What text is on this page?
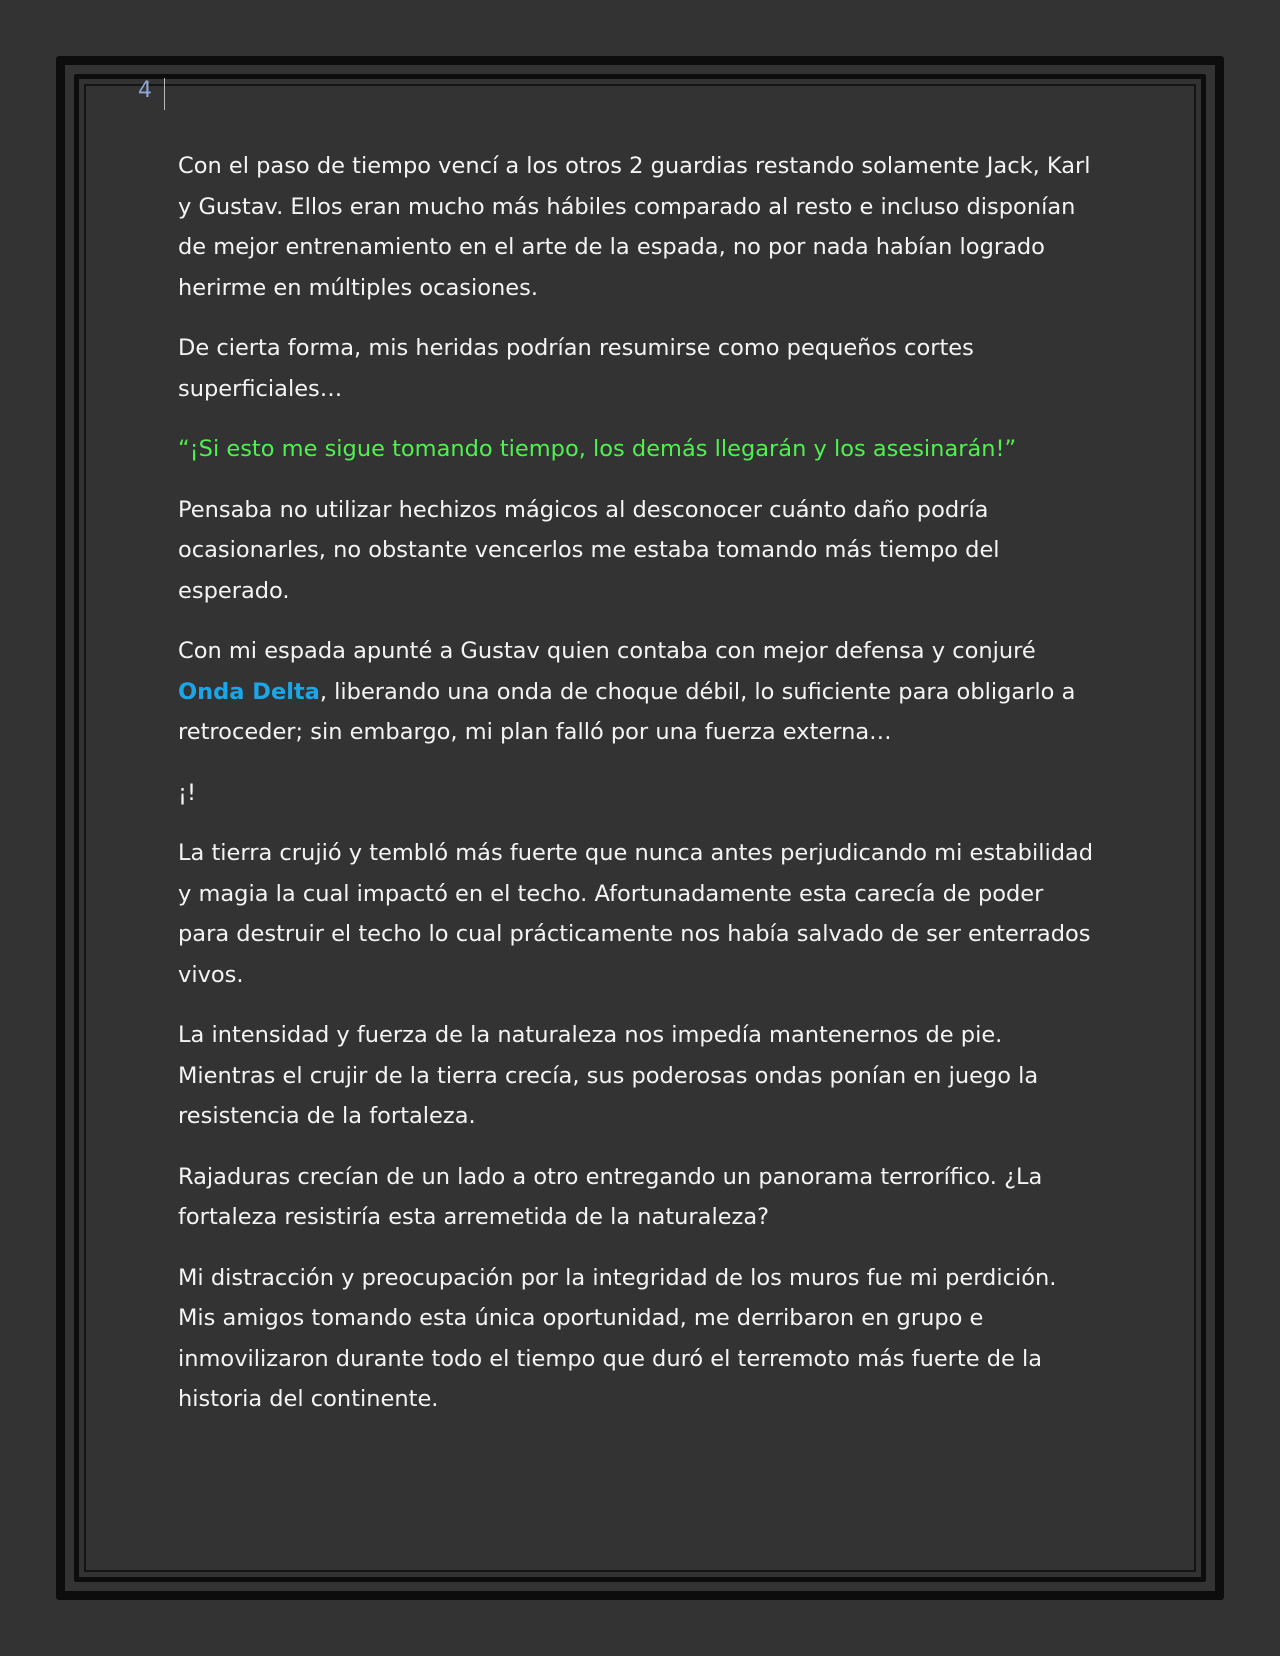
4

Con el paso de tiempo vencí a los otros 2 guardias restando solamente Jack, Karl y Gustav. Ellos eran mucho más hábiles comparado al resto e incluso disponían de mejor entrenamiento en el arte de la espada, no por nada habían logrado herirme en múltiples ocasiones.

De cierta forma, mis heridas podrían resumirse como pequeños cortes superficiales…

“¡Si esto me sigue tomando tiempo, los demás llegarán y los asesinarán!”

Pensaba no utilizar hechizos mágicos al desconocer cuánto daño podría ocasionarles, no obstante vencerlos me estaba tomando más tiempo del esperado.

Con mi espada apunté a Gustav quien contaba con mejor defensa y conjuré Onda Delta, liberando una onda de choque débil, lo suficiente para obligarlo a retroceder; sin embargo, mi plan falló por una fuerza externa…

¡!

La tierra crujió y tembló más fuerte que nunca antes perjudicando mi estabilidad y magia la cual impactó en el techo. Afortunadamente esta carecía de poder para destruir el techo lo cual prácticamente nos había salvado de ser enterrados vivos.

La intensidad y fuerza de la naturaleza nos impedía mantenernos de pie. Mientras el crujir de la tierra crecía, sus poderosas ondas ponían en juego la resistencia de la fortaleza.

Rajaduras crecían de un lado a otro entregando un panorama terrorífico. ¿La fortaleza resistiría esta arremetida de la naturaleza?

Mi distracción y preocupación por la integridad de los muros fue mi perdición. Mis amigos tomando esta única oportunidad, me derribaron en grupo e inmovilizaron durante todo el tiempo que duró el terremoto más fuerte de la historia del continente.
